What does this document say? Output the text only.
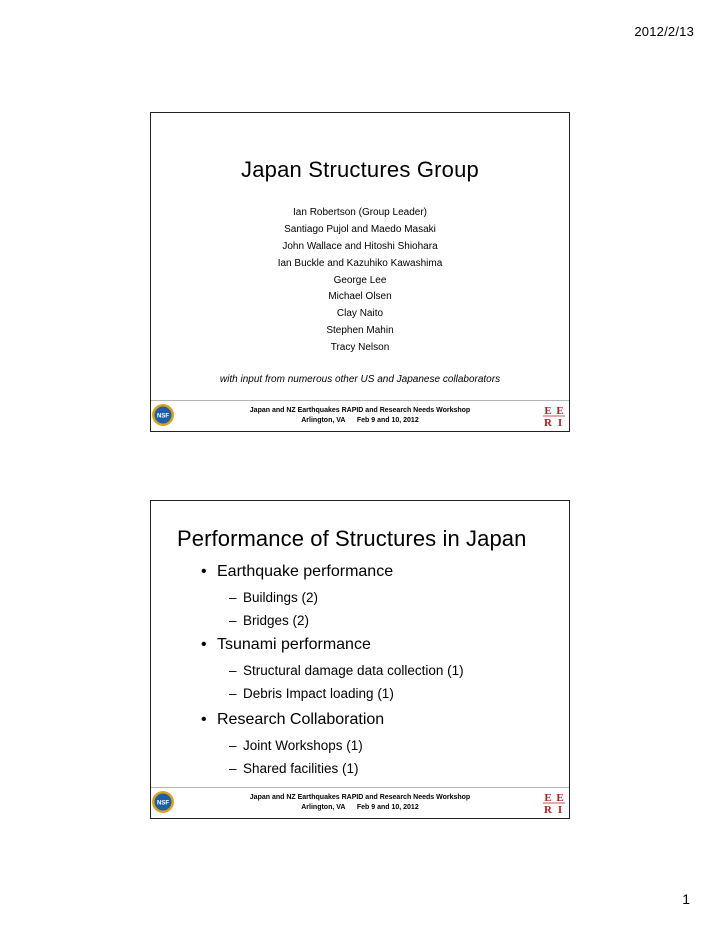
2012/2/13
Japan Structures Group
Ian Robertson (Group Leader)
Santiago Pujol and Maedo Masaki
John Wallace and Hitoshi Shiohara
Ian Buckle and Kazuhiko Kawashima
George Lee
Michael Olsen
Clay Naito
Stephen Mahin
Tracy Nelson
with input from numerous other US and Japanese collaborators
NSF
Japan and NZ Earthquakes RAPID and Research Needs Workshop
Arlington, VA      Feb 9 and 10, 2012
E E
R I
Performance of Structures in Japan
• Earthquake performance
– Buildings (2)
– Bridges (2)
• Tsunami performance
– Structural damage data collection (1)
– Debris Impact loading (1)
• Research Collaboration
– Joint Workshops (1)
– Shared facilities (1)
NSF
Japan and NZ Earthquakes RAPID and Research Needs Workshop
Arlington, VA      Feb 9 and 10, 2012
E E
R I
1
